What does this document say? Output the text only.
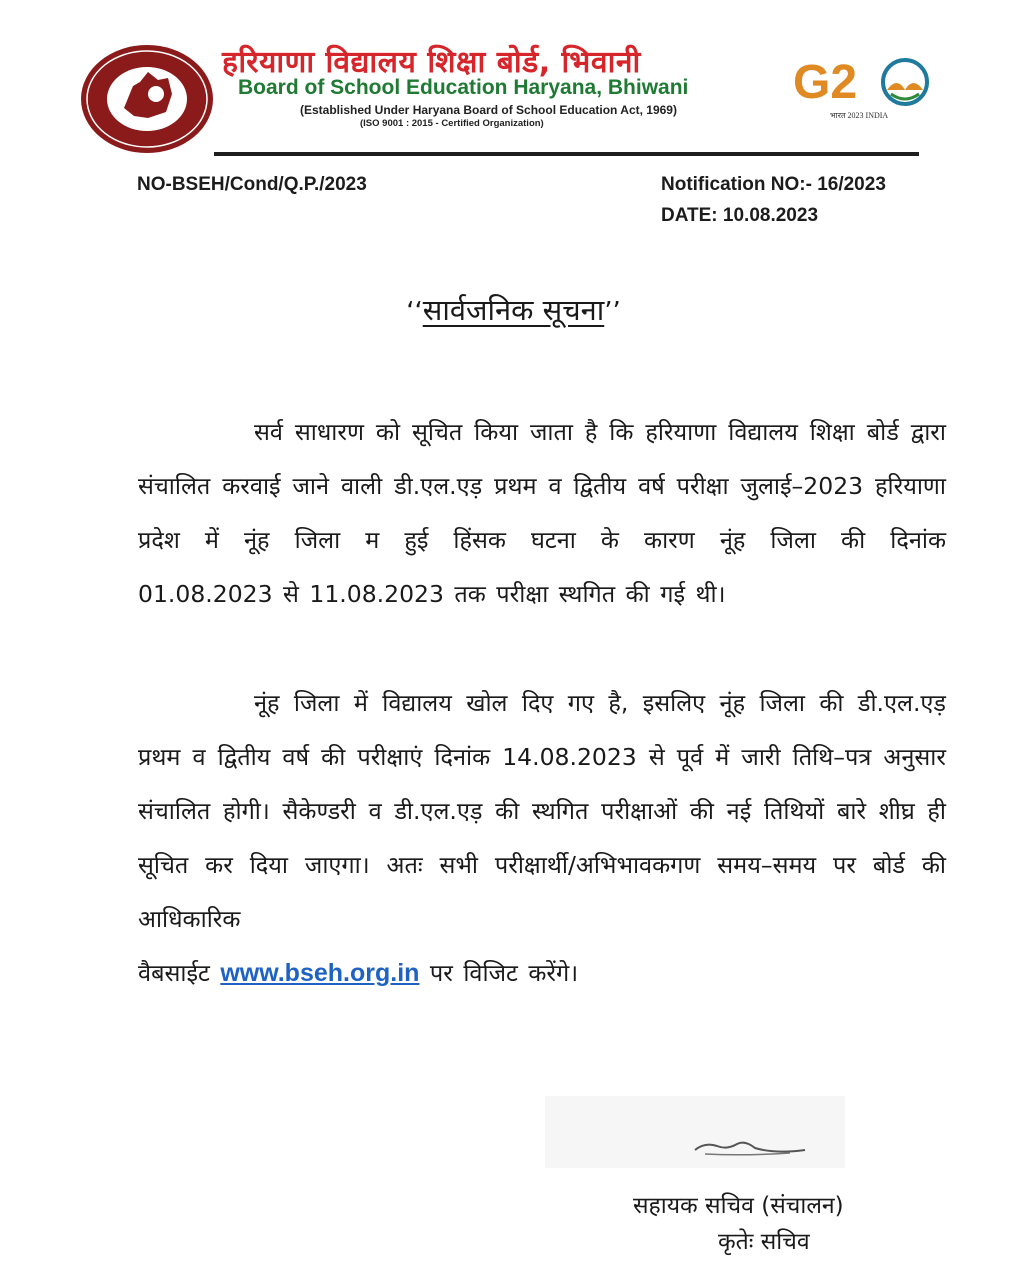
हरियाणा विद्यालय शिक्षा बोर्ड, भिवानी
Board of School Education Haryana, Bhiwani
(Established Under Haryana Board of School Education Act, 1969)
(ISO 9001 : 2015 - Certified Organization)
G2
भारत 2023 INDIA
NO-BSEH/Cond/Q.P./2023	Notification NO:- 16/2023
DATE: 10.08.2023
‘‘सार्वजनिक सूचना’’
सर्व साधारण को सूचित किया जाता है कि हरियाणा विद्यालय शिक्षा बोर्ड द्वारा संचालित करवाई जाने वाली डी.एल.एड़ प्रथम व द्वितीय वर्ष परीक्षा जुलाई–2023 हरियाणा प्रदेश में नूंह जिला म हुई हिंसक घटना के कारण नूंह जिला की दिनांक
01.08.2023 से 11.08.2023 तक परीक्षा स्थगित की गई थी।
नूंह जिला में विद्यालय खोल दिए गए है, इसलिए नूंह जिला की डी.एल.एड़ प्रथम व द्वितीय वर्ष की परीक्षाएं दिनांक 14.08.2023 से पूर्व में जारी तिथि–पत्र अनुसार संचालित होगी। सैकेण्डरी व डी.एल.एड़ की स्थगित परीक्षाओं की नई तिथियों बारे शीघ्र ही सूचित कर दिया जाएगा। अतः सभी परीक्षार्थी/अभिभावकगण समय–समय पर बोर्ड की आधिकारिक
वैबसाईट www.bseh.org.in पर विजिट करेंगे।
सहायक सचिव (संचालन)
कृतेः सचिव
